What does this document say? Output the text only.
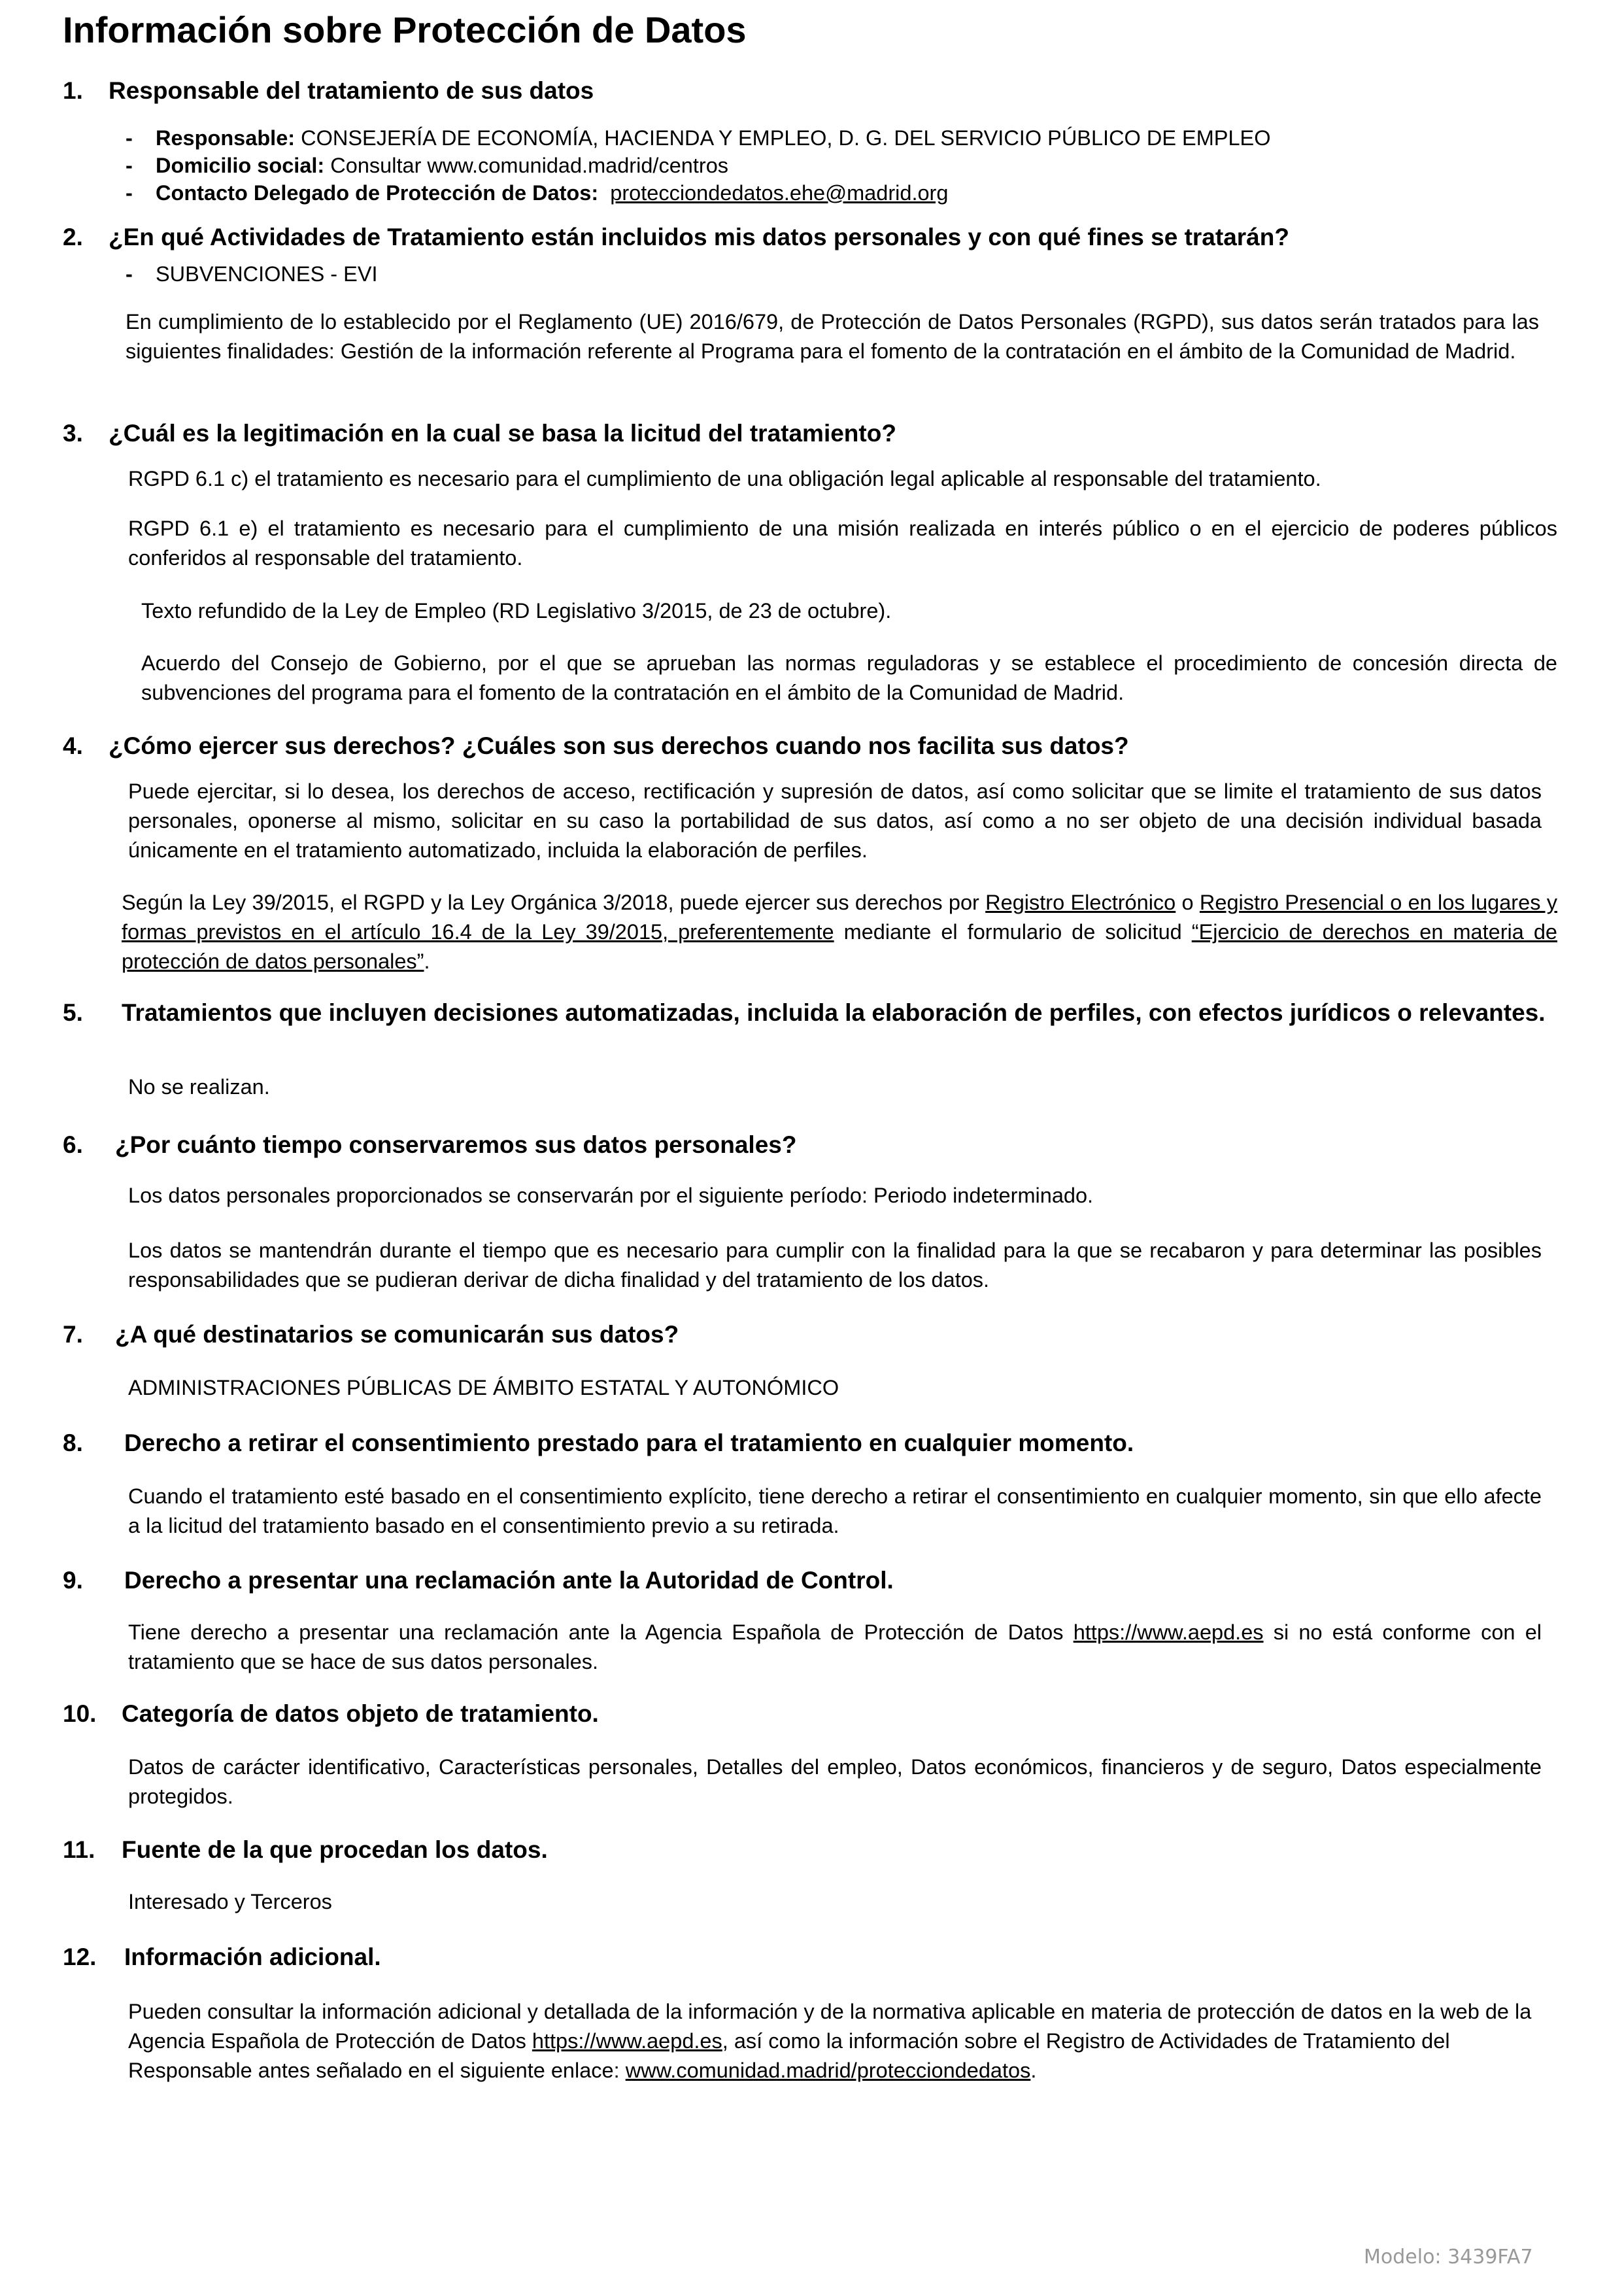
Información sobre Protección de Datos
1. Responsable del tratamiento de sus datos
- Responsable: CONSEJERÍA DE ECONOMÍA, HACIENDA Y EMPLEO, D. G. DEL SERVICIO PÚBLICO DE EMPLEO
- Domicilio social: Consultar www.comunidad.madrid/centros
- Contacto Delegado de Protección de Datos: protecciondedatos.ehe@madrid.org
2. ¿En qué Actividades de Tratamiento están incluidos mis datos personales y con qué fines se tratarán?
- SUBVENCIONES - EVI

En cumplimiento de lo establecido por el Reglamento (UE) 2016/679, de Protección de Datos Personales (RGPD), sus datos serán tratados para las siguientes finalidades: Gestión de la información referente al Programa para el fomento de la contratación en el ámbito de la Comunidad de Madrid.

3. ¿Cuál es la legitimación en la cual se basa la licitud del tratamiento?

RGPD 6.1 c) el tratamiento es necesario para el cumplimiento de una obligación legal aplicable al responsable del tratamiento.

RGPD 6.1 e) el tratamiento es necesario para el cumplimiento de una misión realizada en interés público o en el ejercicio de poderes públicos conferidos al responsable del tratamiento.

Texto refundido de la Ley de Empleo (RD Legislativo 3/2015, de 23 de octubre).

Acuerdo del Consejo de Gobierno, por el que se aprueban las normas reguladoras y se establece el procedimiento de concesión directa de subvenciones del programa para el fomento de la contratación en el ámbito de la Comunidad de Madrid.

4. ¿Cómo ejercer sus derechos? ¿Cuáles son sus derechos cuando nos facilita sus datos?

Puede ejercitar, si lo desea, los derechos de acceso, rectificación y supresión de datos, así como solicitar que se limite el tratamiento de sus datos personales, oponerse al mismo, solicitar en su caso la portabilidad de sus datos, así como a no ser objeto de una decisión individual basada únicamente en el tratamiento automatizado, incluida la elaboración de perfiles.

Según la Ley 39/2015, el RGPD y la Ley Orgánica 3/2018, puede ejercer sus derechos por Registro Electrónico o Registro Presencial o en los lugares y formas previstos en el artículo 16.4 de la Ley 39/2015, preferentemente mediante el formulario de solicitud “Ejercicio de derechos en materia de protección de datos personales”.

5. Tratamientos que incluyen decisiones automatizadas, incluida la elaboración de perfiles, con efectos jurídicos o relevantes.

No se realizan.

6. ¿Por cuánto tiempo conservaremos sus datos personales?

Los datos personales proporcionados se conservarán por el siguiente período: Periodo indeterminado.

Los datos se mantendrán durante el tiempo que es necesario para cumplir con la finalidad para la que se recabaron y para determinar las posibles responsabilidades que se pudieran derivar de dicha finalidad y del tratamiento de los datos.

7. ¿A qué destinatarios se comunicarán sus datos?

ADMINISTRACIONES PÚBLICAS DE ÁMBITO ESTATAL Y AUTONÓMICO

8. Derecho a retirar el consentimiento prestado para el tratamiento en cualquier momento.

Cuando el tratamiento esté basado en el consentimiento explícito, tiene derecho a retirar el consentimiento en cualquier momento, sin que ello afecte a la licitud del tratamiento basado en el consentimiento previo a su retirada.

9. Derecho a presentar una reclamación ante la Autoridad de Control.

Tiene derecho a presentar una reclamación ante la Agencia Española de Protección de Datos https://www.aepd.es si no está conforme con el tratamiento que se hace de sus datos personales.

10. Categoría de datos objeto de tratamiento.

Datos de carácter identificativo, Características personales, Detalles del empleo, Datos económicos, financieros y de seguro, Datos especialmente protegidos.

11. Fuente de la que procedan los datos.

Interesado y Terceros

12. Información adicional.

Pueden consultar la información adicional y detallada de la información y de la normativa aplicable en materia de protección de datos en la web de la Agencia Española de Protección de Datos https://www.aepd.es, así como la información sobre el Registro de Actividades de Tratamiento del Responsable antes señalado en el siguiente enlace: www.comunidad.madrid/protecciondedatos.

Modelo: 3439FA7
